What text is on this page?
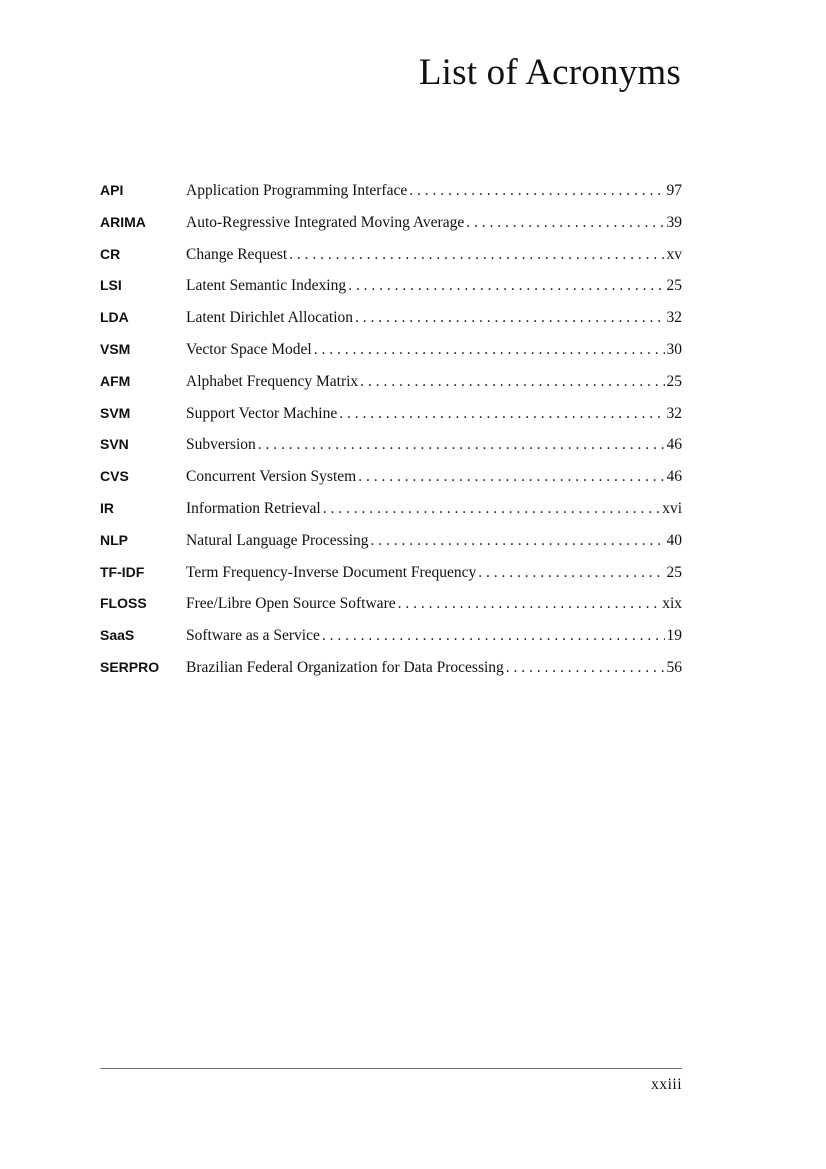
List of Acronyms
API	Application Programming Interface . . .	97
ARIMA	Auto-Regressive Integrated Moving Average . . .	39
CR	Change Request . . .	xv
LSI	Latent Semantic Indexing . . .	25
LDA	Latent Dirichlet Allocation . . .	32
VSM	Vector Space Model . . .	30
AFM	Alphabet Frequency Matrix . . .	25
SVM	Support Vector Machine . . .	32
SVN	Subversion . . .	46
CVS	Concurrent Version System . . .	46
IR	Information Retrieval . . .	xvi
NLP	Natural Language Processing . . .	40
TF-IDF	Term Frequency-Inverse Document Frequency . . .	25
FLOSS	Free/Libre Open Source Software . . .	xix
SaaS	Software as a Service . . .	19
SERPRO	Brazilian Federal Organization for Data Processing . . .	56
xxiii
